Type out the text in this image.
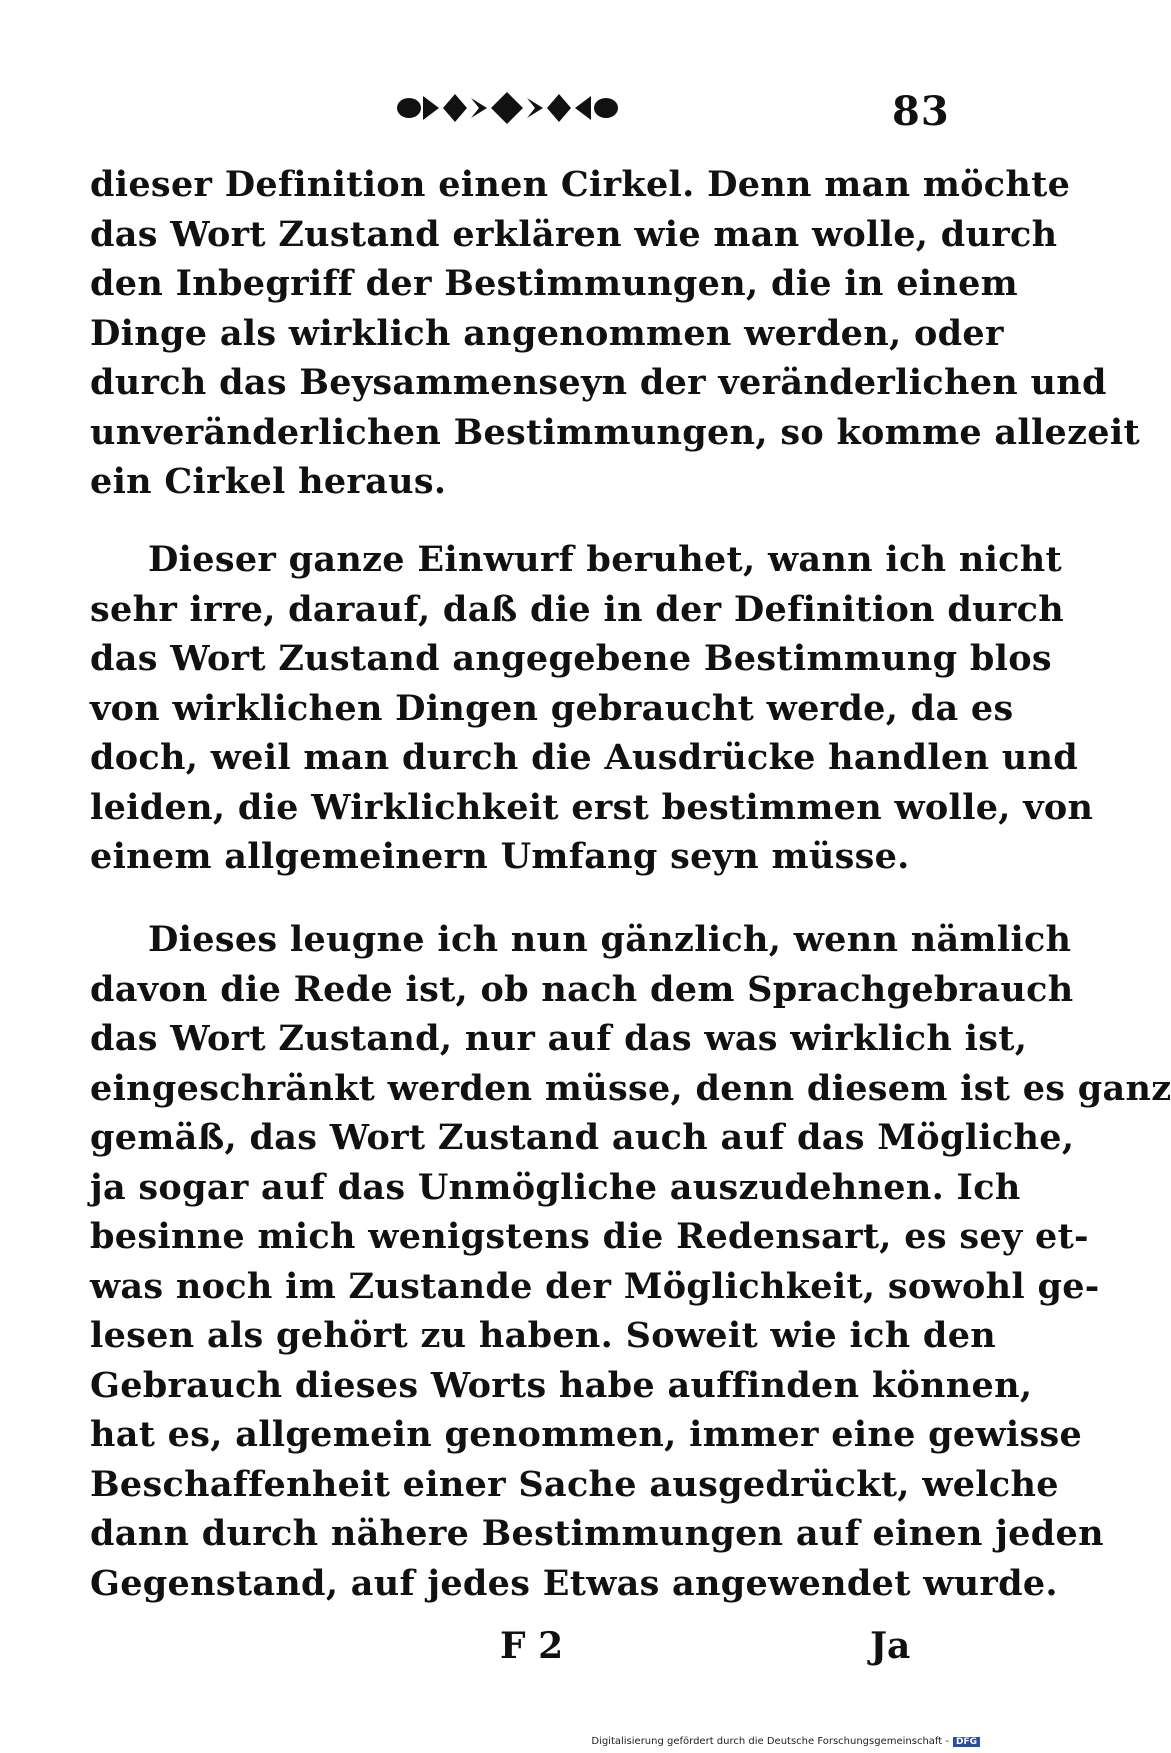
83
dieser Definition einen Cirkel. Denn man möchte
das Wort Zustand erklären wie man wolle, durch
den Inbegriff der Bestimmungen, die in einem
Dinge als wirklich angenommen werden, oder
durch das Beysammenseyn der veränderlichen und
unveränderlichen Bestimmungen, so komme allezeit
ein Cirkel heraus.
Dieser ganze Einwurf beruhet, wann ich nicht
sehr irre, darauf, daß die in der Definition durch
das Wort Zustand angegebene Bestimmung blos
von wirklichen Dingen gebraucht werde, da es
doch, weil man durch die Ausdrücke handlen und
leiden, die Wirklichkeit erst bestimmen wolle, von
einem allgemeinern Umfang seyn müsse.
Dieses leugne ich nun gänzlich, wenn nämlich
davon die Rede ist, ob nach dem Sprachgebrauch
das Wort Zustand, nur auf das was wirklich ist,
eingeschränkt werden müsse, denn diesem ist es ganz
gemäß, das Wort Zustand auch auf das Mögliche,
ja sogar auf das Unmögliche auszudehnen. Ich
besinne mich wenigstens die Redensart, es sey et-
was noch im Zustande der Möglichkeit, sowohl ge-
lesen als gehört zu haben. Soweit wie ich den
Gebrauch dieses Worts habe auffinden können,
hat es, allgemein genommen, immer eine gewisse
Beschaffenheit einer Sache ausgedrückt, welche
dann durch nähere Bestimmungen auf einen jeden
Gegenstand, auf jedes Etwas angewendet wurde.
F 2	Ja
Digitalisierung gefördert durch die Deutsche Forschungsgemeinschaft - DFG
